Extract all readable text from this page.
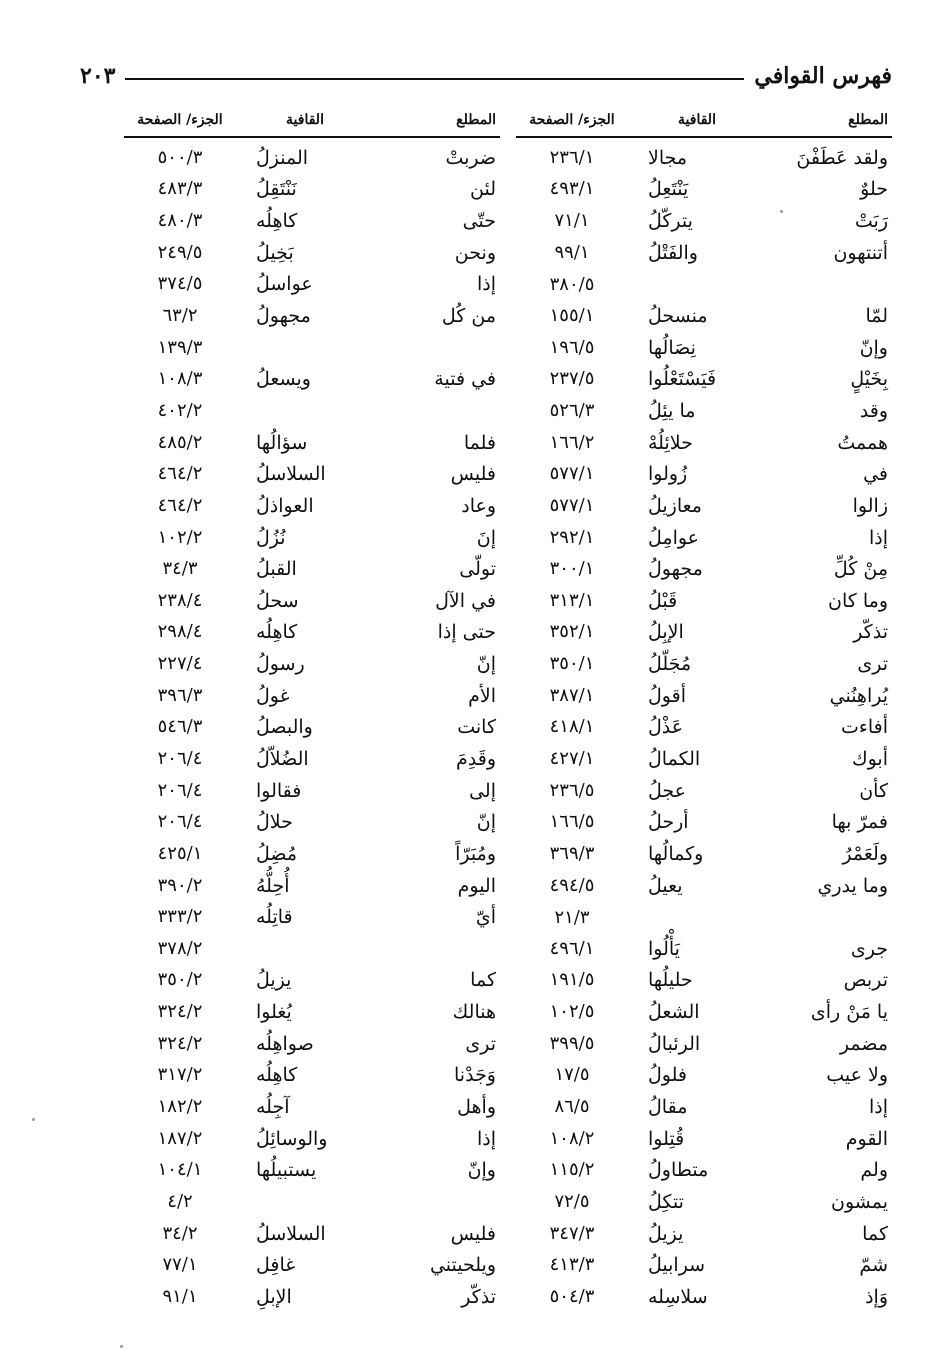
فهرس القوافي
٢٠٣
المطلع
القافية
الجزء/ الصفحة
المطلع
القافية
الجزء/ الصفحة
ولقد عَطَفْنَ
مجالا
٢٣٦/١
ضربتْ
المنزلُ
٥٠٠/٣
حلوٌ
يَنْتَعِلُ
٤٩٣/١
لئن
نَنْتَقِلُ
٤٨٣/٣
رَبَتْ
يتركّلُ
٧١/١
حتّى
كاهِلُه
٤٨٠/٣
أتنتهون
والفَتْلُ
٩٩/١
ونحن
بَخِيلُ
٢٤٩/٥
٣٨٠/٥
إذا
عواسلُ
٣٧٤/٥
لمّا
منسحلُ
١٥٥/١
من كُل
مجهولُ
٦٣/٢
وإنّ
نِصَالُها
١٩٦/٥
١٣٩/٣
بِخَيْلٍ
فَيَسْتَعْلُوا
٢٣٧/٥
في فتية
ويسعلُ
١٠٨/٣
وقد
ما يئِلُ
٥٢٦/٣
٤٠٢/٢
هممتُ
حلائِلُهْ
١٦٦/٢
فلما
سؤالُها
٤٨٥/٢
في
زُولوا
٥٧٧/١
فليس
السلاسلُ
٤٦٤/٢
زالوا
معازيلُ
٥٧٧/١
وعاد
العواذلُ
٤٦٤/٢
إذا
عوامِلُ
٢٩٢/١
إنَ
نُزُلُ
١٠٢/٢
مِنْ كُلِّ
مجهولُ
٣٠٠/١
تولّى
القبلُ
٣٤/٣
وما كان
قَبْلُ
٣١٣/١
في الآل
سحلُ
٢٣٨/٤
تذكّر
الإبِلُ
٣٥٢/١
حتى إذا
كاهِلُه
٢٩٨/٤
ترى
مُجَلّلُ
٣٥٠/١
إنّ
رسولُ
٢٢٧/٤
يُراهِنُني
أقولُ
٣٨٧/١
الأم
غولُ
٣٩٦/٣
أفاءت
عَذْلُ
٤١٨/١
كانت
والبصلُ
٥٤٦/٣
أبوك
الكمالُ
٤٢٧/١
وقَدِمَ
الضُلاّلُ
٢٠٦/٤
كأن
عجلُ
٢٣٦/٥
إلى
فقالوا
٢٠٦/٤
فمرّ بها
أرحلُ
١٦٦/٥
إنّ
حلالُ
٢٠٦/٤
ولَعَمْرُ
وكمالُها
٣٦٩/٣
ومُبَرّاً
مُضِلُ
٤٢٥/١
وما يدري
يعيلُ
٤٩٤/٥
اليوم
أُحِلُّهُ
٣٩٠/٢
٢١/٣
أيّ
قاتِلُه
٣٣٣/٢
جرى
يَأْلُوا
٤٩٦/١
٣٧٨/٢
تربص
حليلُها
١٩١/٥
كما
يزيلُ
٣٥٠/٢
يا مَنْ رأى
الشعلُ
١٠٢/٥
هنالك
يُغلوا
٣٢٤/٢
مضمر
الرئبالُ
٣٩٩/٥
ترى
صواهِلُه
٣٢٤/٢
ولا عيب
فلولُ
١٧/٥
وَجَدْنا
كاهِلُه
٣١٧/٢
إذا
مقالُ
٨٦/٥
وأهل
آجِلُه
١٨٢/٢
القوم
قُتِلوا
١٠٨/٢
إذا
والوسائِلُ
١٨٧/٢
ولم
متطاولُ
١١٥/٢
وإنّ
يستبيلُها
١٠٤/١
يمشون
تتكِلُ
٧٢/٥
٤/٢
كما
يزيلُ
٣٤٧/٣
فليس
السلاسلُ
٣٤/٢
شمّ
سرابيلُ
٤١٣/٣
ويلحيتني
غافِل
٧٧/١
وَإذ
سلاسِله
٥٠٤/٣
تذكّر
الإبلِ
٩١/١
